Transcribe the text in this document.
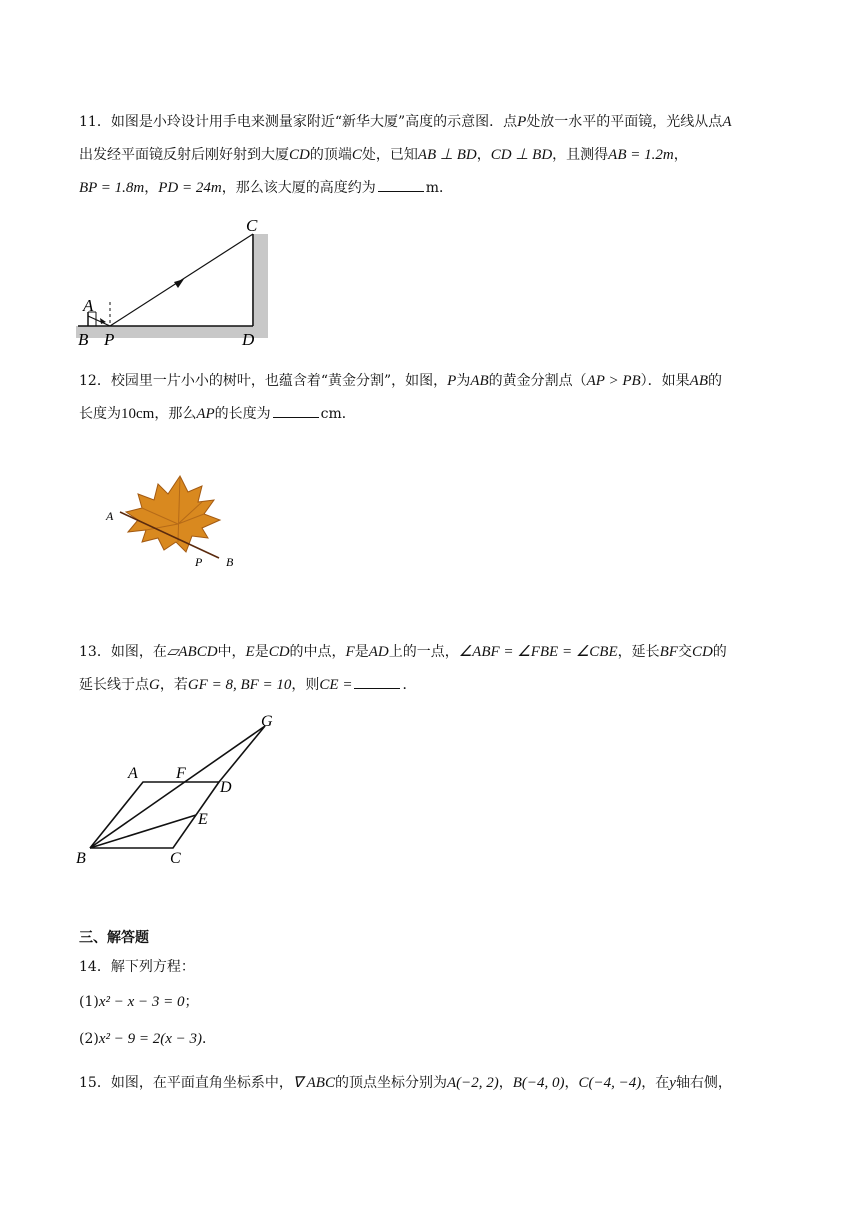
11．如图是小玲设计用手电来测量家附近“新华大厦”高度的示意图．点P处放一水平的平面镜，光线从点A
出发经平面镜反射后刚好射到大厦CD的顶端C处，已知AB ⊥ BD，CD ⊥ BD，且测得AB = 1.2m，
BP = 1.8m，PD = 24m，那么该大厦的高度约为	m．
A
B P
C
D
12．校园里一片小小的树叶，也蕴含着“黄金分割”，如图，P为AB的黄金分割点（AP > PB）．如果AB的
长度为10cm，那么AP的长度为	cm．
A
P B
13．如图，在▱ABCD中，E是CD的中点，F是AD上的一点，∠ABF = ∠FBE = ∠CBE，延长BF交CD的
延长线于点G，若GF = 8, BF = 10，则CE =	．
G
A F
D
E
B	C
三、解答题
14．解下列方程：
(1)x² − x − 3 = 0；
(2)x² − 9 = 2(x − 3)．
15．如图，在平面直角坐标系中，∇ ABC的顶点坐标分别为A(−2, 2)，B(−4, 0)，C(−4, −4)，在y轴右侧，
